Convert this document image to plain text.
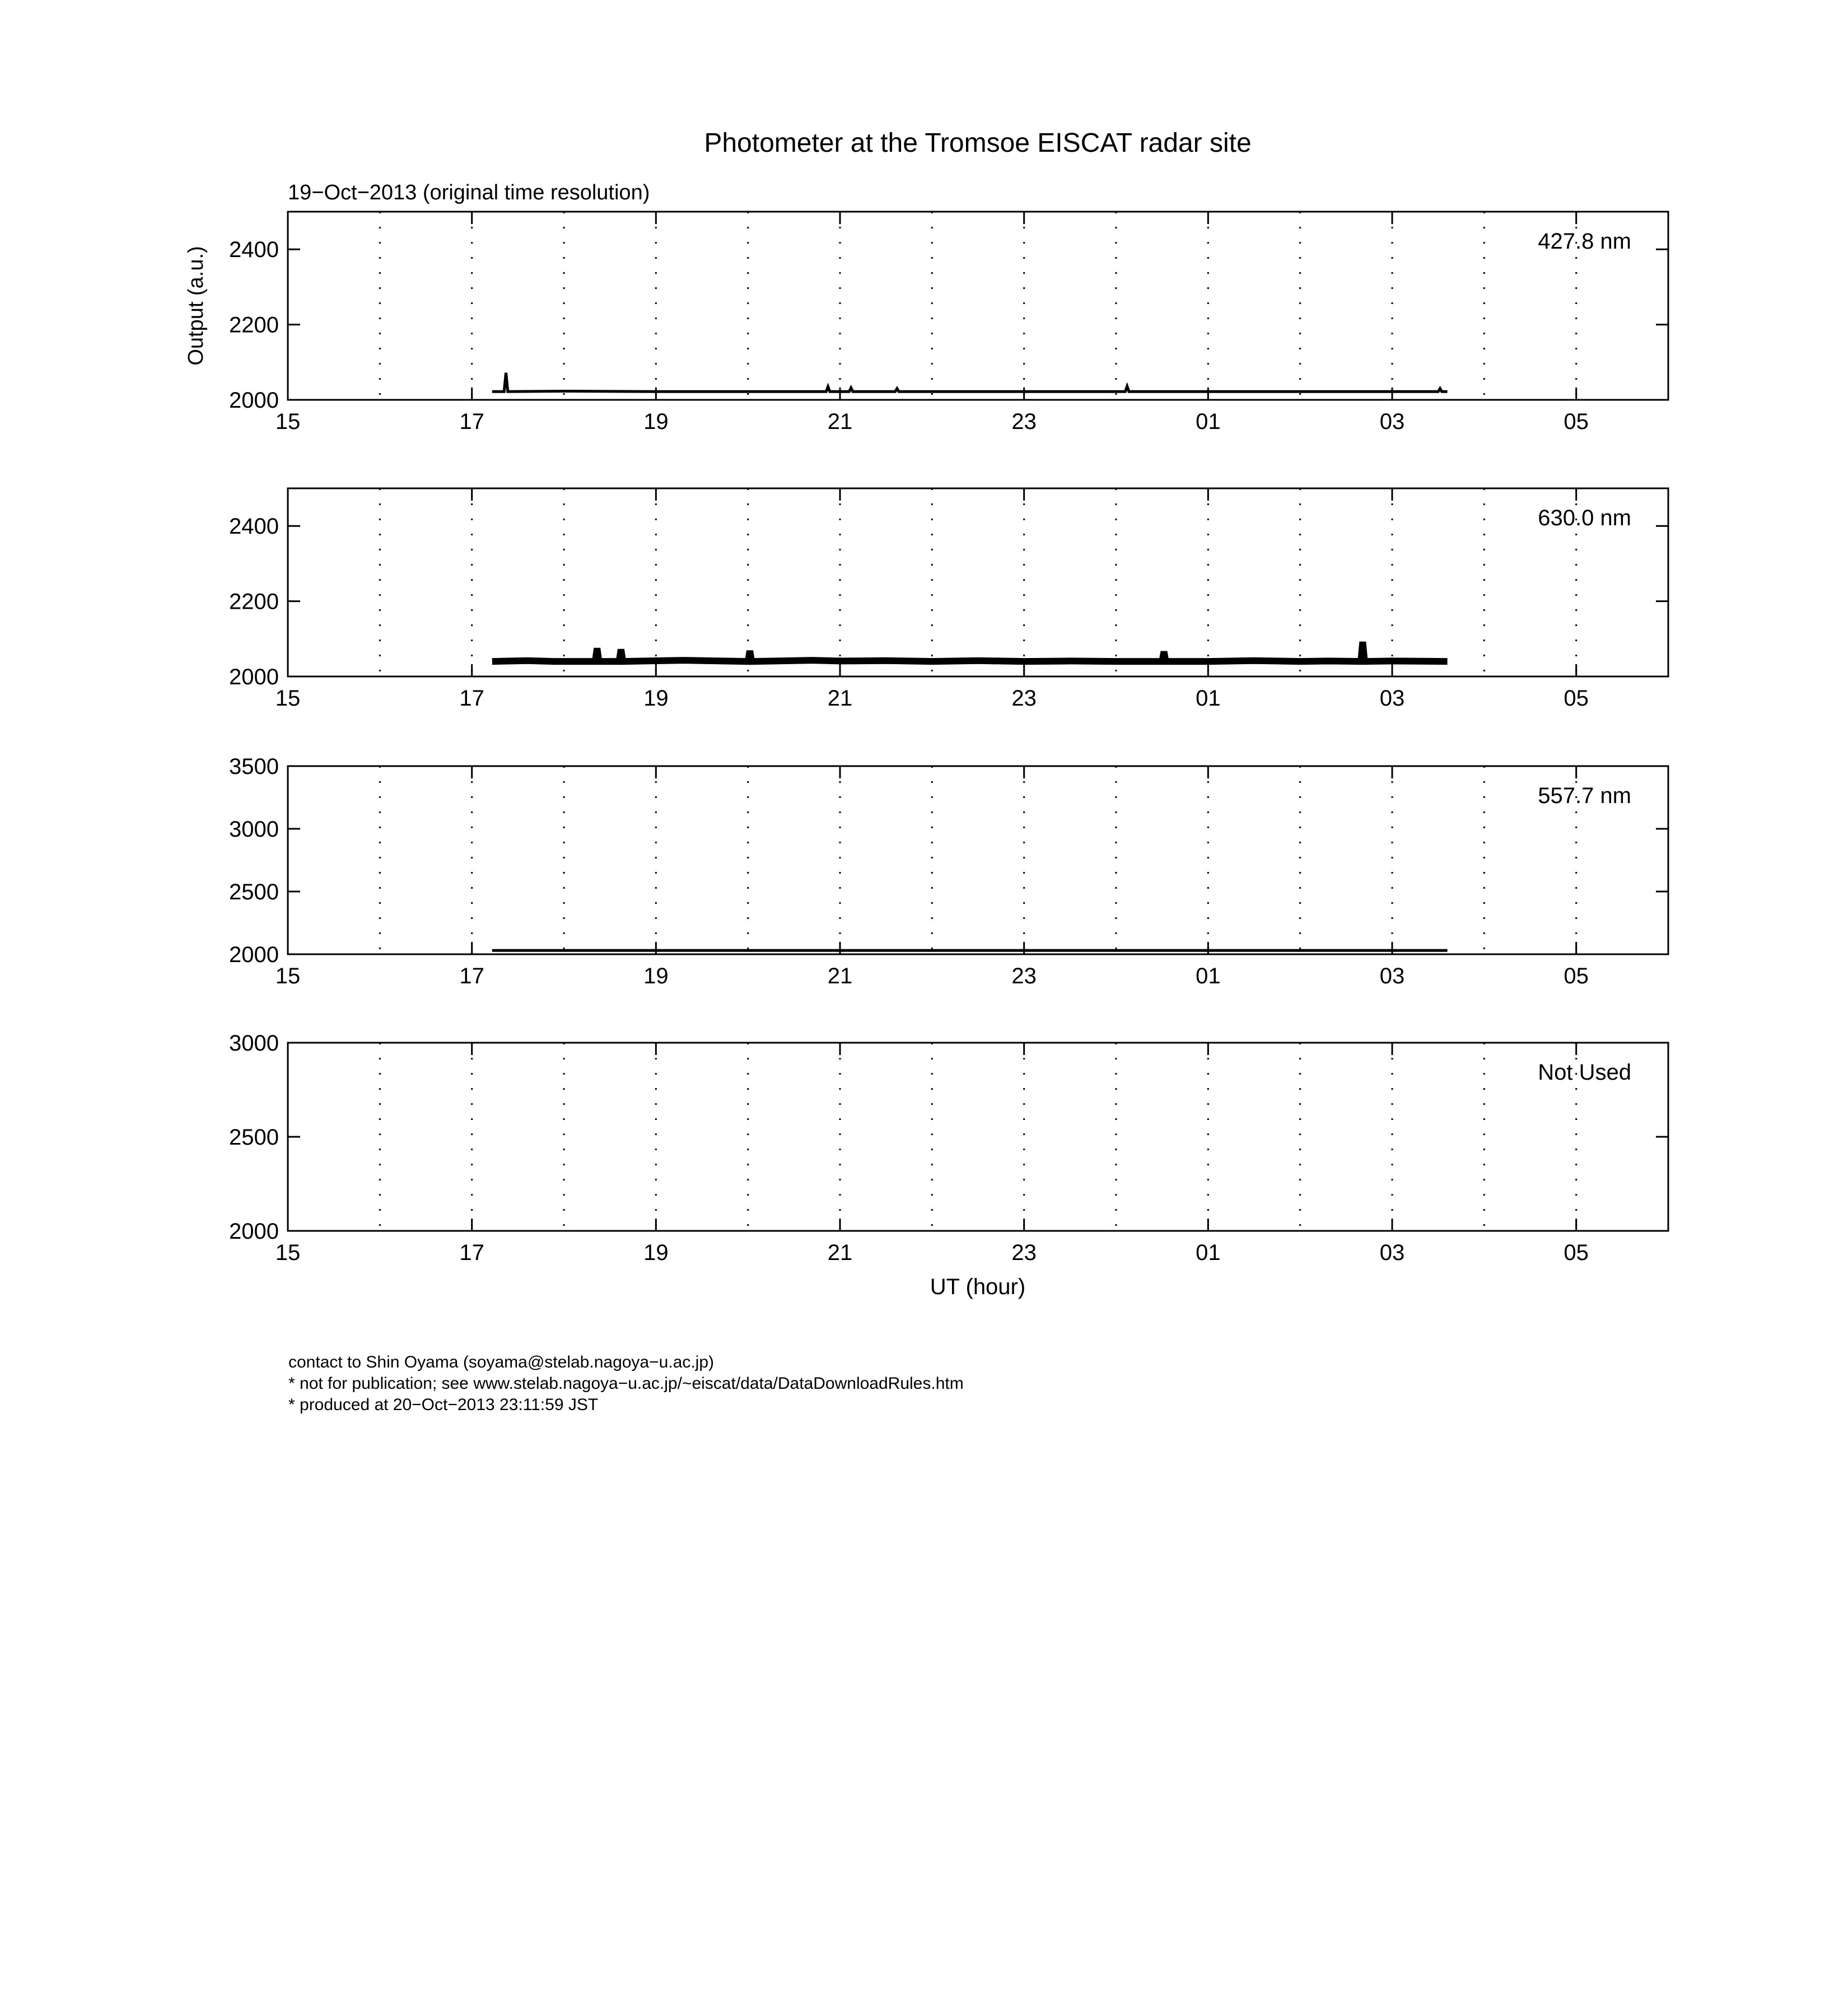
Photometer at the Tromsoe EISCAT radar site
19−Oct−2013 (original time resolution)
Output (a.u.)
UT (hour)
15	17	19	21	23	01	03	05
2000
2200
2400	427.8 nm
15	17	19	21	23	01	03	05
2000
2200
2400	630.0 nm
15	17	19	21	23	01	03	05
2000
2500
3000
3500
557.7 nm
15	17	19	21	23	01	03	05
2000
2500
3000
Not Used
contact to Shin Oyama (soyama@stelab.nagoya−u.ac.jp)
* not for publication; see www.stelab.nagoya−u.ac.jp/~eiscat/data/DataDownloadRules.htm
* produced at 20−Oct−2013 23:11:59 JST
